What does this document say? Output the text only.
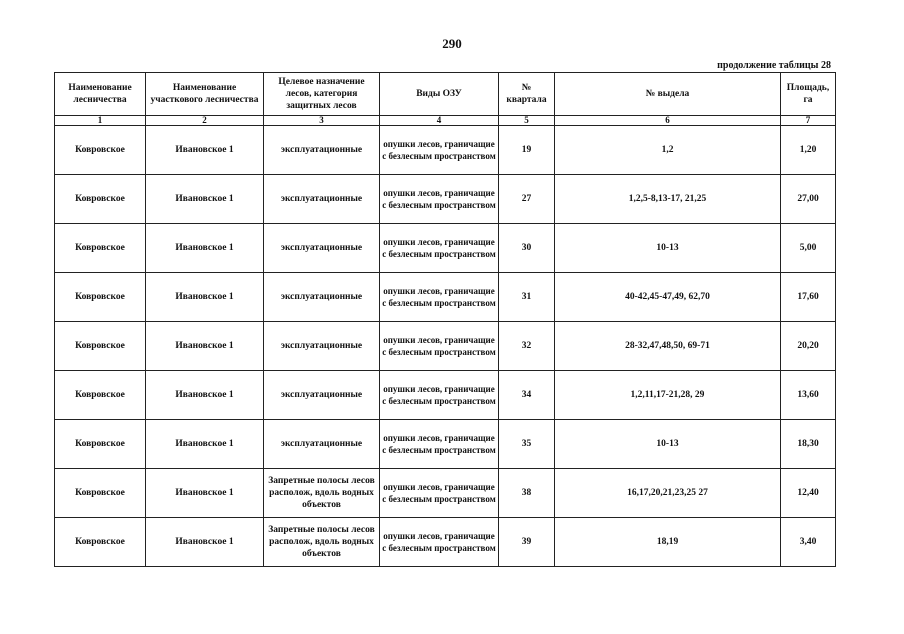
290
продолжение таблицы 28
Наименование лесничества	Наименование участкового лесничества	Целевое назначение лесов, категория защитных лесов	Виды ОЗУ	№ квартала	№ выдела	Площадь, га
1	2	3	4	5	6	7
Ковровское	Ивановское 1	эксплуатационные	опушки лесов, граничащие с безлесным пространством	19	1,2	1,20
Ковровское	Ивановское 1	эксплуатационные	опушки лесов, граничащие с безлесным пространством	27	1,2,5-8,13-17, 21,25	27,00
Ковровское	Ивановское 1	эксплуатационные	опушки лесов, граничащие с безлесным пространством	30	10-13	5,00
Ковровское	Ивановское 1	эксплуатационные	опушки лесов, граничащие с безлесным пространством	31	40-42,45-47,49, 62,70	17,60
Ковровское	Ивановское 1	эксплуатационные	опушки лесов, граничащие с безлесным пространством	32	28-32,47,48,50, 69-71	20,20
Ковровское	Ивановское 1	эксплуатационные	опушки лесов, граничащие с безлесным пространством	34	1,2,11,17-21,28, 29	13,60
Ковровское	Ивановское 1	эксплуатационные	опушки лесов, граничащие с безлесным пространством	35	10-13	18,30
Ковровское	Ивановское 1	Запретные полосы лесов располож, вдоль водных объектов	опушки лесов, граничащие с безлесным пространством	38	16,17,20,21,23,25 27	12,40
Ковровское	Ивановское 1	Запретные полосы лесов располож, вдоль водных объектов	опушки лесов, граничащие с безлесным пространством	39	18,19	3,40
